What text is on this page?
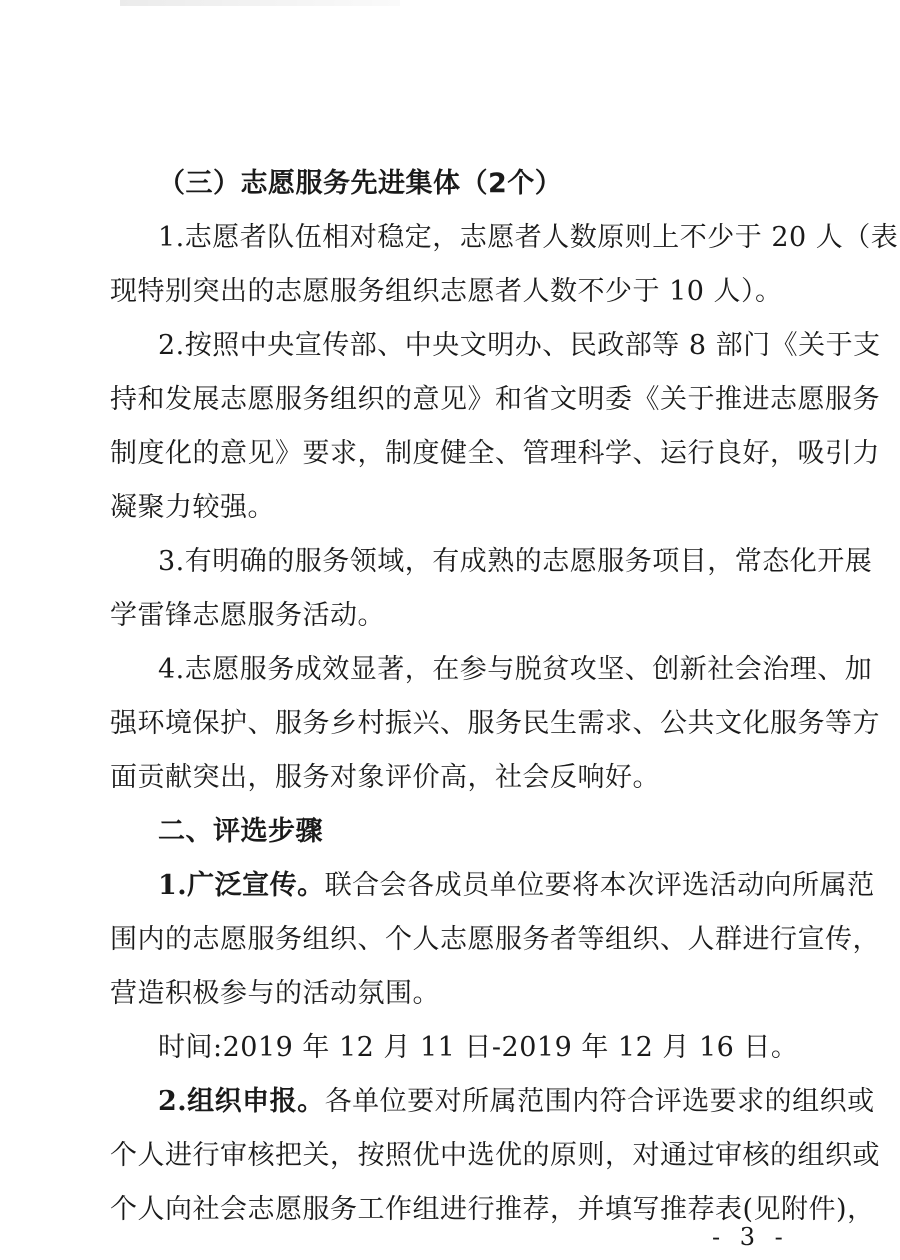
（三）志愿服务先进集体（2个）
1.志愿者队伍相对稳定，志愿者人数原则上不少于 20 人（表
现特别突出的志愿服务组织志愿者人数不少于 10 人）。
2.按照中央宣传部、中央文明办、民政部等 8 部门《关于支
持和发展志愿服务组织的意见》和省文明委《关于推进志愿服务
制度化的意见》要求，制度健全、管理科学、运行良好，吸引力
凝聚力较强。
3.有明确的服务领域，有成熟的志愿服务项目，常态化开展
学雷锋志愿服务活动。
4.志愿服务成效显著，在参与脱贫攻坚、创新社会治理、加
强环境保护、服务乡村振兴、服务民生需求、公共文化服务等方
面贡献突出，服务对象评价高，社会反响好。
二、评选步骤
1.广泛宣传。联合会各成员单位要将本次评选活动向所属范
围内的志愿服务组织、个人志愿服务者等组织、人群进行宣传，
营造积极参与的活动氛围。
时间:2019 年 12 月 11 日-2019 年 12 月 16 日。
2.组织申报。各单位要对所属范围内符合评选要求的组织或
个人进行审核把关，按照优中选优的原则，对通过审核的组织或
个人向社会志愿服务工作组进行推荐，并填写推荐表(见附件)，
- 3 -
